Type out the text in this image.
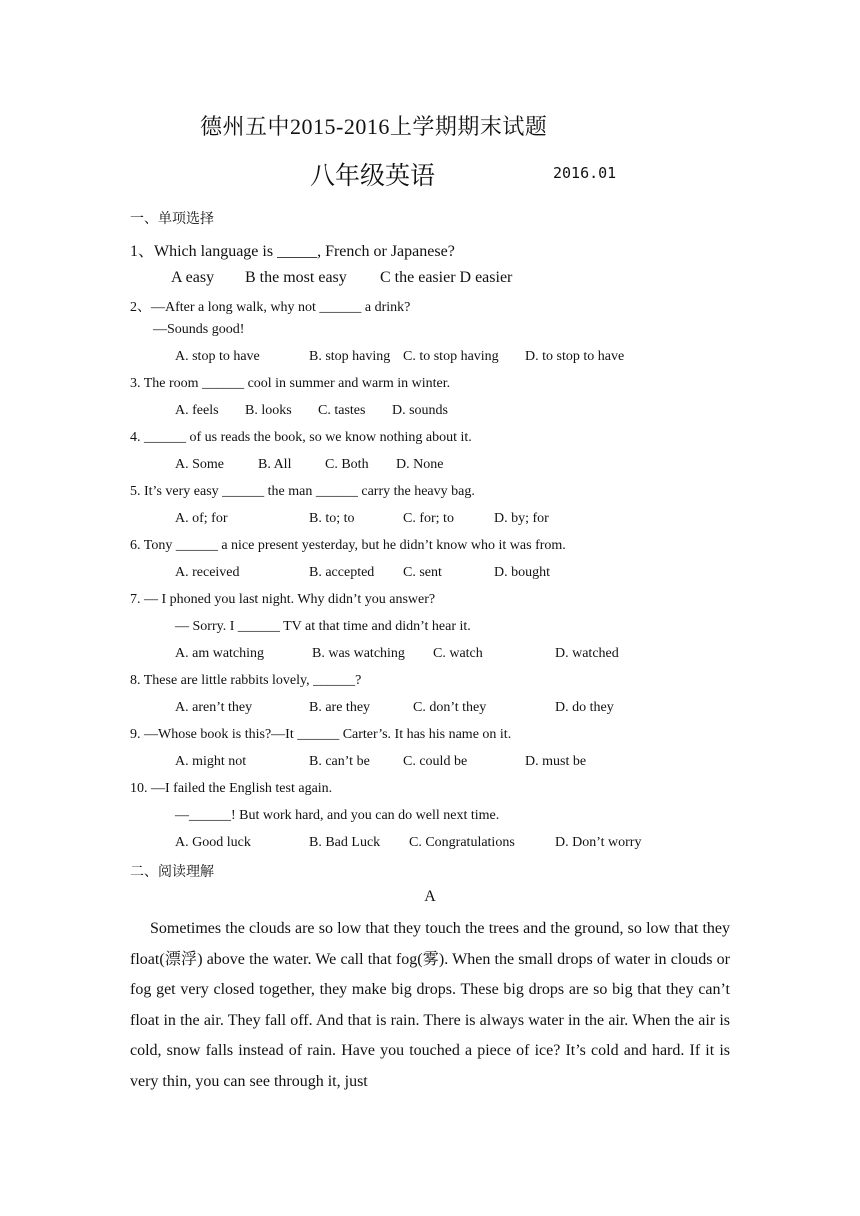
德州五中2015-2016上学期期末试题
八年级英语	2016.01
一、单项选择
1、Which language is _____, French or Japanese?
A easy B the most easy C the easier D easier
2、—After a long walk, why not ______ a drink?
—Sounds good!
A. stop to have	B. stop having C. to stop having D. to stop to have
3. The room ______ cool in summer and warm in winter.
A. feels B. looks C. tastes D. sounds
4. ______ of us reads the book, so we know nothing about it.
A. Some B. All C. Both D. None
5. It’s very easy ______ the man ______ carry the heavy bag.
A. of; for	B. to; to	C. for; to	D. by; for
6. Tony ______ a nice present yesterday, but he didn’t know who it was from.
A. received	B. accepted C. sent	D. bought
7. — I phoned you last night. Why didn’t you answer?
— Sorry. I ______ TV at that time and didn’t hear it.
A. am watching	B. was watching C. watch	D. watched
8. These are little rabbits lovely, ______?
A. aren’t they	B. are they	C. don’t they	D. do they
9. —Whose book is this?—It ______ Carter’s. It has his name on it.
A. might not	B. can’t be C. could be	D. must be
10. —I failed the English test again.
—______! But work hard, and you can do well next time.
A. Good luck	B. Bad Luck C. Congratulations	D. Don’t worry
二、阅读理解
A

Sometimes the clouds are so low that they touch the trees and the ground, so low that they float(漂浮) above the water. We call that fog(雾). When the small drops of water in clouds or fog get very closed together, they make big drops. These big drops are so big that they can’t float in the air. They fall off. And that is rain. There is always water in the air. When the air is cold, snow falls instead of rain. Have you touched a piece of ice? It’s cold and hard. If it is very thin, you can see through it, just
